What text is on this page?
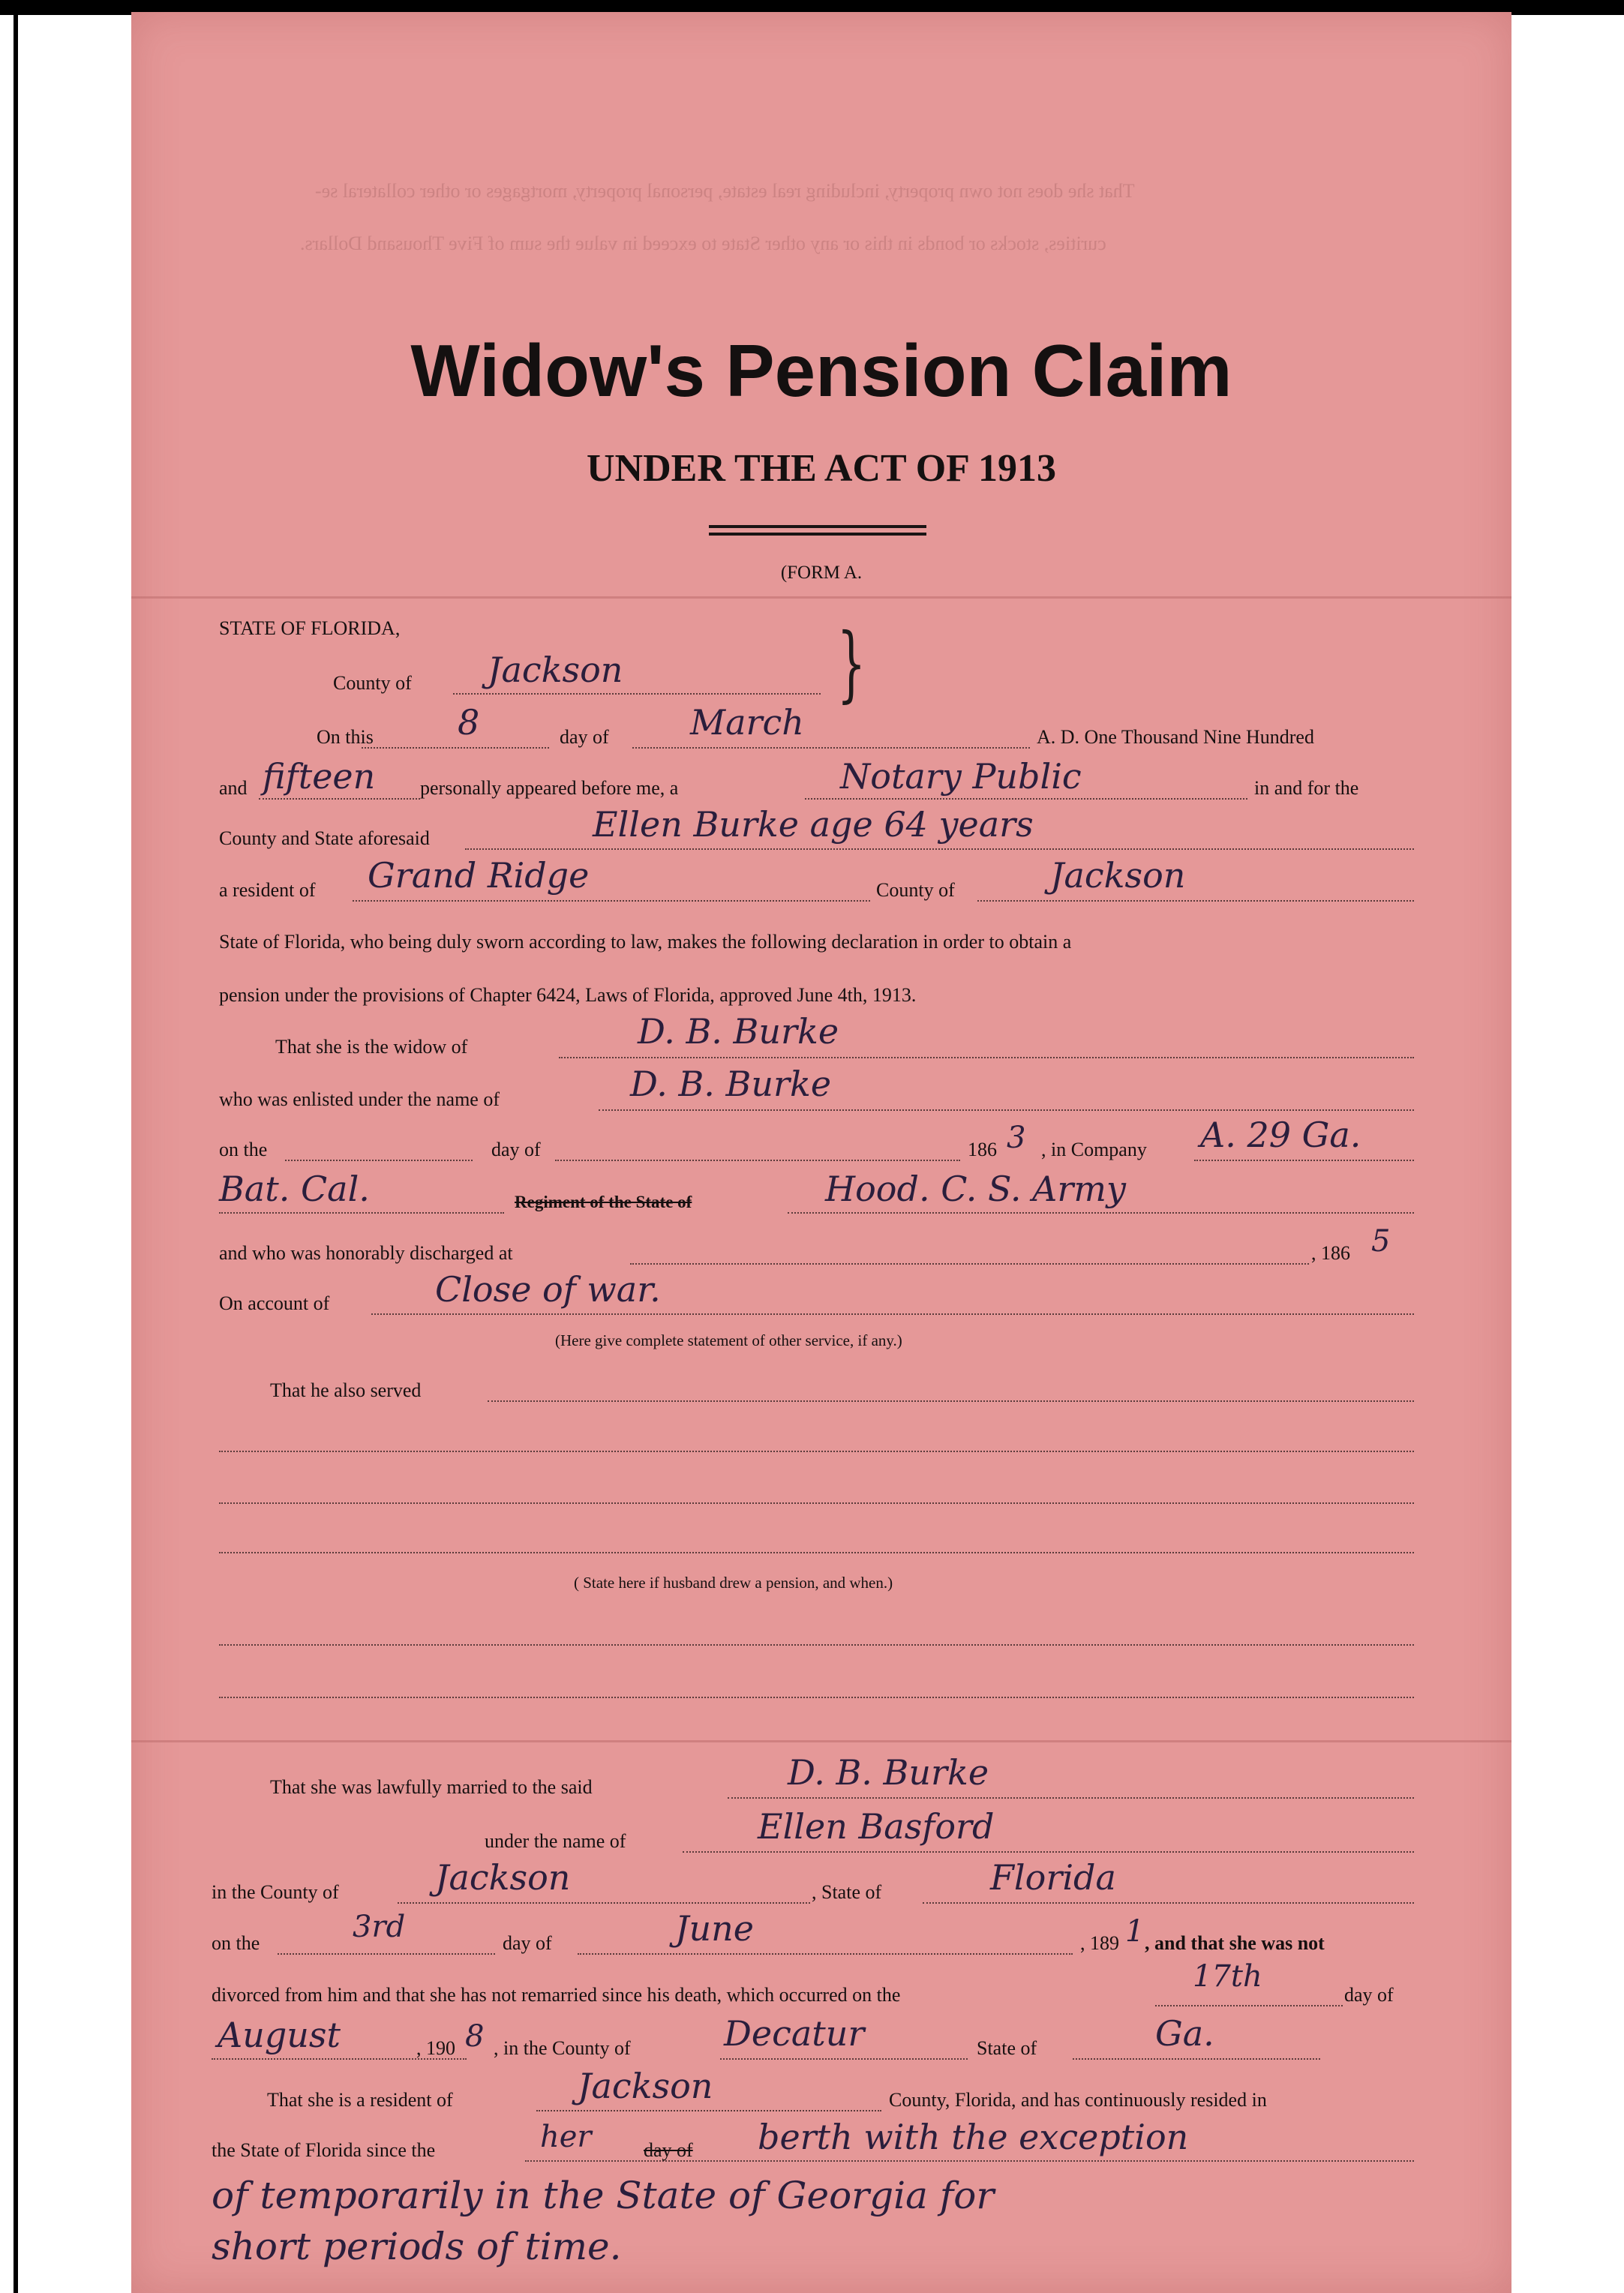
That she does not own property, including real estate, personal property, mortgages or other collateral se-
curities, stocks or bonds in this or any other State to exceed in value the sum of Five Thousand Dollars.
Widow's Pension Claim
UNDER THE ACT OF 1913
(FORM A.
STATE OF FLORIDA,	}
County of Jackson
On this 8	day of March	A. D. One Thousand Nine Hundred
and fifteen personally appeared before me, a	Notary Public	in and for the
County and State aforesaid	Ellen Burke age 64 years
a resident of Grand Ridge	County of	Jackson
State of Florida, who being duly sworn according to law, makes the following declaration in order to obtain a
pension under the provisions of Chapter 6424, Laws of Florida, approved June 4th, 1913.
That she is the widow of	D. B. Burke
who was enlisted under the name of	D. B. Burke
on the	day of	186 3 , in Company A. 29 Ga.
Bat. Cal.	Regiment of the State of	Hood. C. S. Army
and who was honorably discharged at	, 186 5
On account of	Close of war.
(Here give complete statement of other service, if any.)
That he also served
( State here if husband drew a pension, and when.)
That she was lawfully married to the said	D. B. Burke
under the name of	Ellen Basford
in the County of	Jackson	, State of	Florida
on the	3rd	day of	June	, 189 1 , and that she was not
divorced from him and that she has not remarried since his death, which occurred on the
17th
day of
August	, 190 8 , in the County of	Decatur	State of	Ga.
That she is a resident of	Jackson	County, Florida, and has continuously resided in
the State of Florida since the	her	day of berth with the exception
of temporarily in the State of Georgia for
short periods of time.
